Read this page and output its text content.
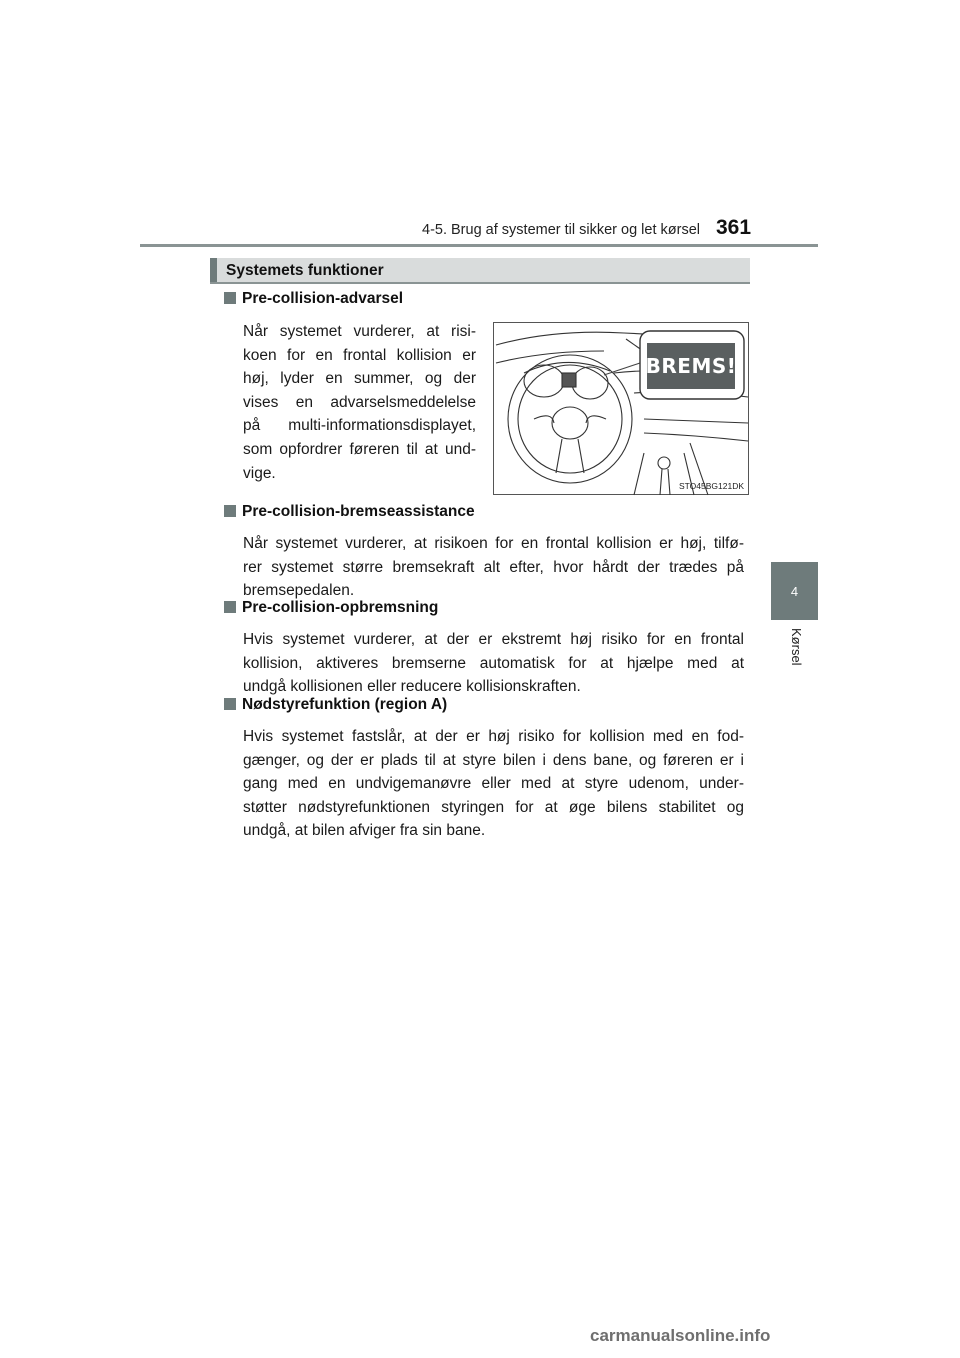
4-5. Brug af systemer til sikker og let kørsel 361
4
Kørsel
Systemets funktioner
Pre-collision-advarsel
Når systemet vurderer, at risi-
koen for en frontal kollision er
høj, lyder en summer, og der
vises en advarselsmeddelelse
på multi-informationsdisplayet,
som opfordrer føreren til at und-
vige.
BREMS!
STO45BG121DK
Pre-collision-bremseassistance
Når systemet vurderer, at risikoen for en frontal kollision er høj, tilfø-
rer systemet større bremsekraft alt efter, hvor hårdt der trædes på
bremsepedalen.
Pre-collision-opbremsning
Hvis systemet vurderer, at der er ekstremt høj risiko for en frontal
kollision, aktiveres bremserne automatisk for at hjælpe med at
undgå kollisionen eller reducere kollisionskraften.
Nødstyrefunktion (region A)
Hvis systemet fastslår, at der er høj risiko for kollision med en fod-
gænger, og der er plads til at styre bilen i dens bane, og føreren er i
gang med en undvigemanøvre eller med at styre udenom, under-
støtter nødstyrefunktionen styringen for at øge bilens stabilitet og
undgå, at bilen afviger fra sin bane.
carmanualsonline.info
